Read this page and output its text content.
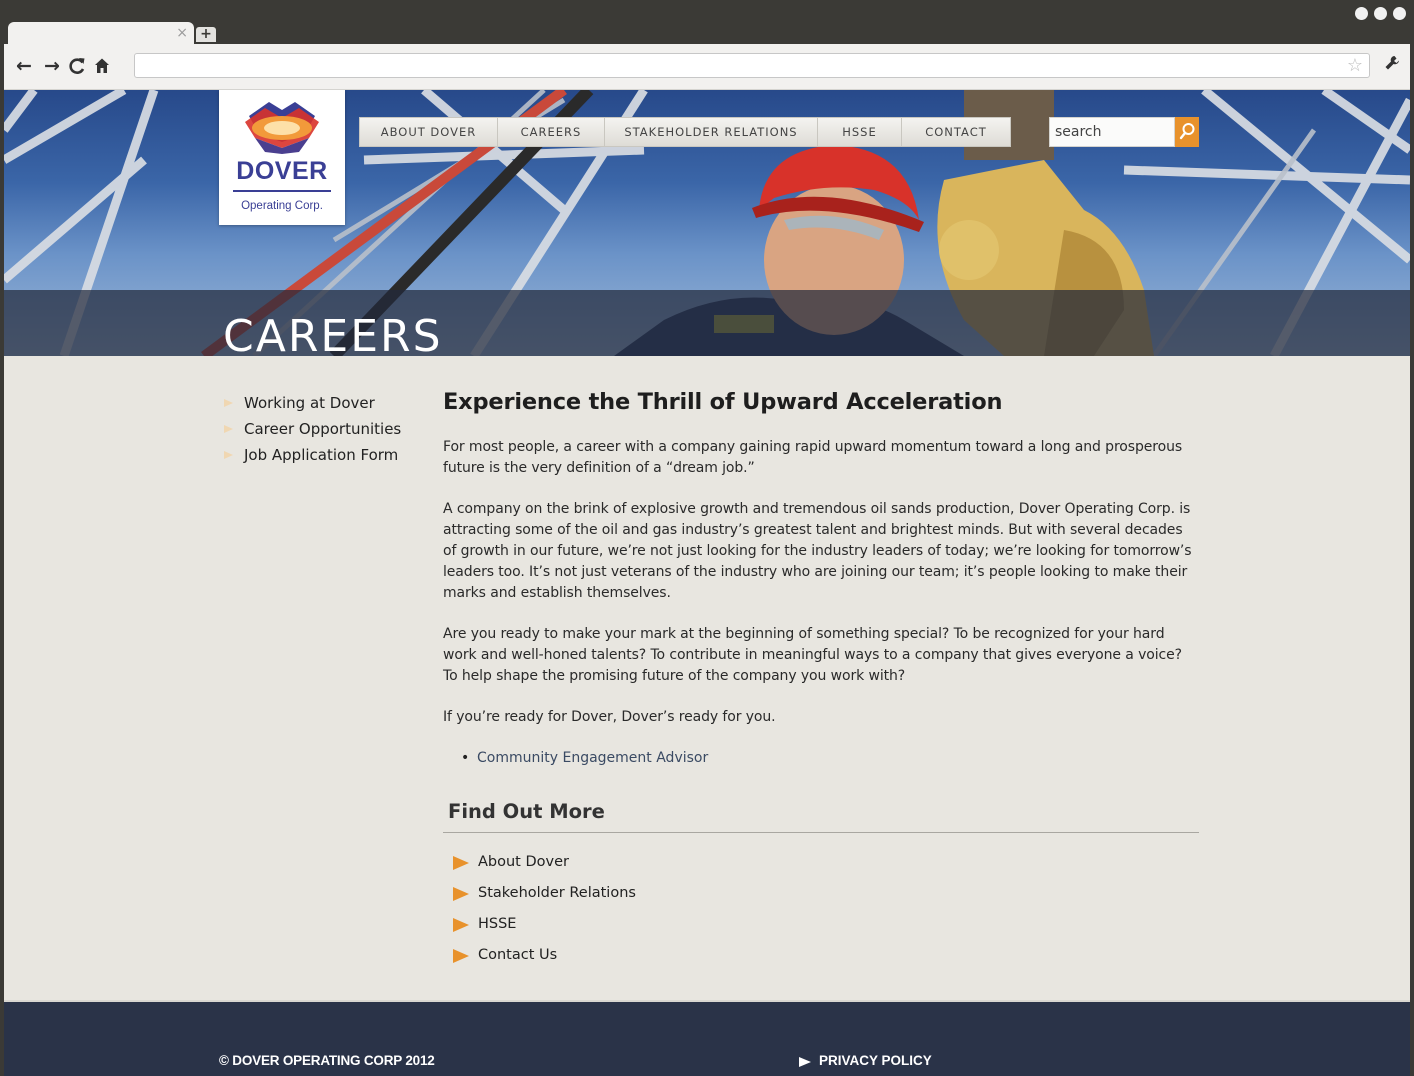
× +
← →	☆
CAREERS
DOVER
Operating Corp.
ABOUT DOVER	CAREERS	STAKEHOLDER RELATIONS	HSSE	CONTACT
search
Working at Dover
Career Opportunities
Job Application Form
Experience the Thrill of Upward Acceleration

For most people, a career with a company gaining rapid upward momentum toward a long and prosperous future is the very definition of a “dream job.”

A company on the brink of explosive growth and tremendous oil sands production, Dover Operating Corp. is attracting some of the oil and gas industry’s greatest talent and brightest minds. But with several decades of growth in our future, we’re not just looking for the industry leaders of today; we’re looking for tomorrow’s leaders too. It’s not just veterans of the industry who are joining our team; it’s people looking to make their marks and establish themselves.

Are you ready to make your mark at the beginning of something special? To be recognized for your hard work and well-honed talents? To contribute in meaningful ways to a company that gives everyone a voice? To help shape the promising future of the company you work with?

If you’re ready for Dover, Dover’s ready for you.

• Community Engagement Advisor
Find Out More
About Dover
Stakeholder Relations
HSSE
Contact Us
© DOVER OPERATING CORP 2012	PRIVACY POLICY
